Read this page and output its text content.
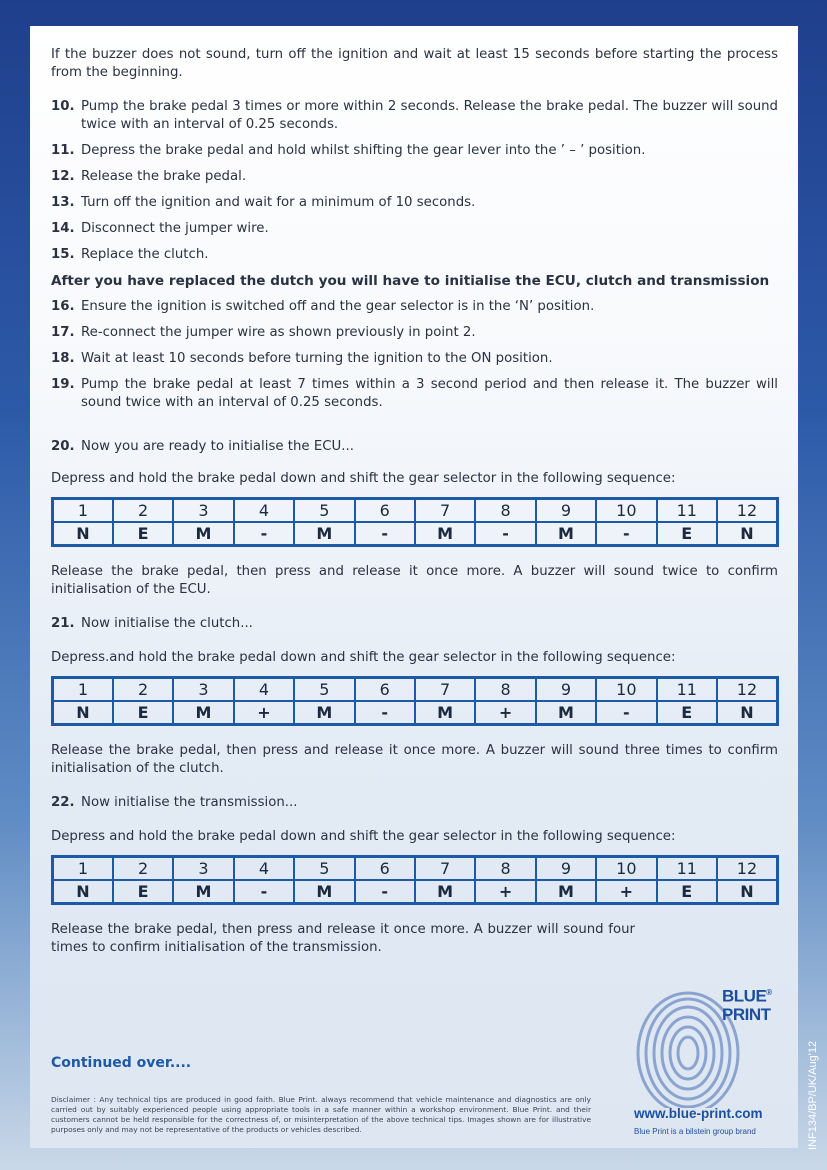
If the buzzer does not sound, turn off the ignition and wait at least 15 seconds before starting the process from the beginning.

10. Pump the brake pedal 3 times or more within 2 seconds. Release the brake pedal. The buzzer will sound twice with an interval of 0.25 seconds.
11. Depress the brake pedal and hold whilst shifting the gear lever into the ’ – ’ position.
12. Release the brake pedal.
13. Turn off the ignition and wait for a minimum of 10 seconds.
14. Disconnect the jumper wire.
15. Replace the clutch.

After you have replaced the dutch you will have to initialise the ECU, clutch and transmission

16. Ensure the ignition is switched off and the gear selector is in the ‘N’ position.
17. Re-connect the jumper wire as shown previously in point 2.
18. Wait at least 10 seconds before turning the ignition to the ON position.
19. Pump the brake pedal at least 7 times within a 3 second period and then release it. The buzzer will sound twice with an interval of 0.25 seconds.
20. Now you are ready to initialise the ECU...

Depress and hold the brake pedal down and shift the gear selector in the following sequence:

1	2	3	4	5	6	7	8	9	10	11	12
N	E	M	-	M	-	M	-	M	-	E	N

Release the brake pedal, then press and release it once more. A buzzer will sound twice to confirm initialisation of the ECU.

21. Now initialise the clutch...

Depress.and hold the brake pedal down and shift the gear selector in the following sequence:

1	2	3	4	5	6	7	8	9	10	11	12
N	E	M	+	M	-	M	+	M	-	E	N

Release the brake pedal, then press and release it once more. A buzzer will sound three times to confirm initialisation of the clutch.

22. Now initialise the transmission...

Depress and hold the brake pedal down and shift the gear selector in the following sequence:

1	2	3	4	5	6	7	8	9	10	11	12
N	E	M	-	M	-	M	+	M	+	E	N

Release the brake pedal, then press and release it once more. A buzzer will sound four times to confirm initialisation of the transmission.

Continued over....
Disclaimer : Any technical tips are produced in good faith. Blue Print. always recommend that vehicle maintenance and diagnostics are only carried out by suitably experienced people using appropriate tools in a safe manner within a workshop environment. Blue Print. and their customers cannot be held responsible for the correctness of, or misinterpretation of the above technical tips. Images shown are for illustrative purposes only and may not be representative of the products or vehicles described.
BLUE®
PRINT
www.blue-print.com
Blue Print is a bilstein group brand	INF134/BP/UK/Aug'12
